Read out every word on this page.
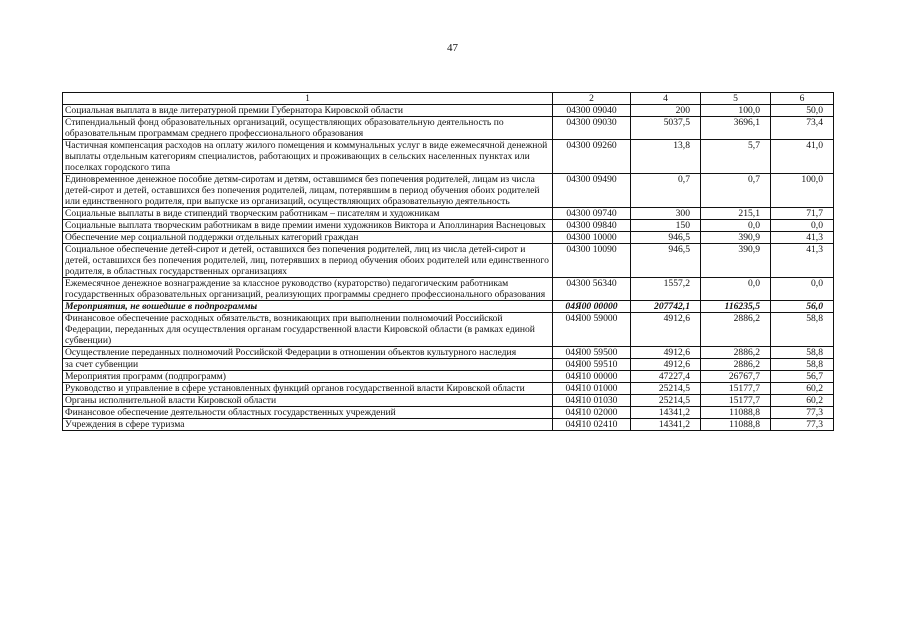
47
1	2	4	5	6
Социальная выплата в виде литературной премии Губернатора Кировской области	04300 09040	200	100,0	50,0
Стипендиальный фонд образовательных организаций, осуществляющих образовательную деятельность по образовательным программам среднего профессионального образования	04300 09030	5037,5	3696,1	73,4
Частичная компенсация расходов на оплату жилого помещения и коммунальных услуг в виде ежемесячной денежной выплаты отдельным категориям специалистов, работающих и проживающих в сельских населенных пунктах или поселках городского типа	04300 09260	13,8	5,7	41,0
Единовременное денежное пособие детям-сиротам и детям, оставшимся без попечения родителей, лицам из числа детей-сирот и детей, оставшихся без попечения родителей, лицам, потерявшим в период обучения обоих родителей или единственного родителя, при выпуске из организаций, осуществляющих образовательную деятельность	04300 09490	0,7	0,7	100,0
Социальные выплаты в виде стипендий творческим работникам – писателям и художникам	04300 09740	300	215,1	71,7
Социальные выплата творческим работникам в виде премии имени художников Виктора и Аполлинария Васнецовых	04300 09840	150	0,0	0,0
Обеспечение мер социальной поддержки отдельных категорий граждан	04300 10000	946,5	390,9	41,3
Социальное обеспечение детей-сирот и детей, оставшихся без попечения родителей, лиц из числа детей-сирот и детей, оставшихся без попечения родителей, лиц, потерявших в период обучения обоих родителей или единственного родителя, в областных государственных организациях	04300 10090	946,5	390,9	41,3
Ежемесячное денежное вознаграждение за классное руководство (кураторство) педагогическим работникам государственных образовательных организаций, реализующих программы среднего профессионального образования	04300 56340	1557,2	0,0	0,0
Мероприятия, не вошедшие в подпрограммы	04Я00 00000	207742,1	116235,5	56,0
Финансовое обеспечение расходных обязательств, возникающих при выполнении полномочий Российской Федерации, переданных для осуществления органам государственной власти Кировской области (в рамках единой субвенции)	04Я00 59000	4912,6	2886,2	58,8
Осуществление переданных полномочий Российской Федерации в отношении объектов культурного наследия	04Я00 59500	4912,6	2886,2	58,8
за счет субвенции	04Я00 59510	4912,6	2886,2	58,8
Мероприятия программ (подпрограмм)	04Я10 00000	47227,4	26767,7	56,7
Руководство и управление в сфере установленных функций органов государственной власти Кировской области	04Я10 01000	25214,5	15177,7	60,2
Органы исполнительной власти Кировской области	04Я10 01030	25214,5	15177,7	60,2
Финансовое обеспечение деятельности областных государственных учреждений	04Я10 02000	14341,2	11088,8	77,3
Учреждения в сфере туризма	04Я10 02410	14341,2	11088,8	77,3
